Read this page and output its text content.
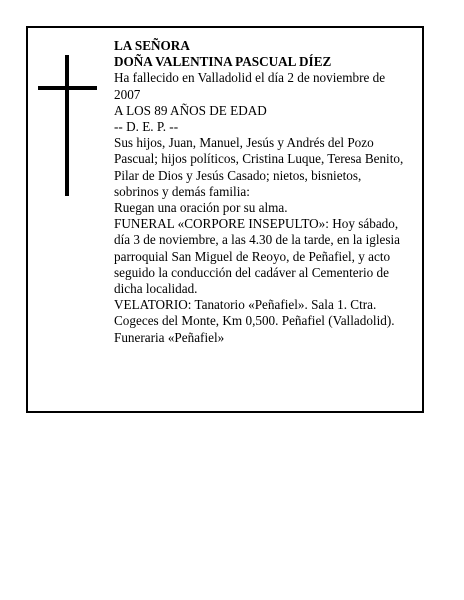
LA SEÑORA

DOÑA VALENTINA PASCUAL DÍEZ

Ha fallecido en Valladolid el día 2 de noviembre de 2007

A LOS 89 AÑOS DE EDAD

-- D. E. P. --

Sus hijos, Juan, Manuel, Jesús y Andrés del Pozo Pascual; hijos políticos, Cristina Luque, Teresa Benito, Pilar de Dios y Jesús Casado; nietos, bisnietos, sobrinos y demás familia:

Ruegan una oración por su alma.

FUNERAL «CORPORE INSEPULTO»: Hoy sábado, día 3 de noviembre, a las 4.30 de la tarde, en la iglesia parroquial San Miguel de Reoyo, de Peñafiel, y acto seguido la conducción del cadáver al Cementerio de dicha localidad.

VELATORIO: Tanatorio «Peñafiel». Sala 1. Ctra. Cogeces del Monte, Km 0,500. Peñafiel (Valladolid).

Funeraria «Peñafiel»
